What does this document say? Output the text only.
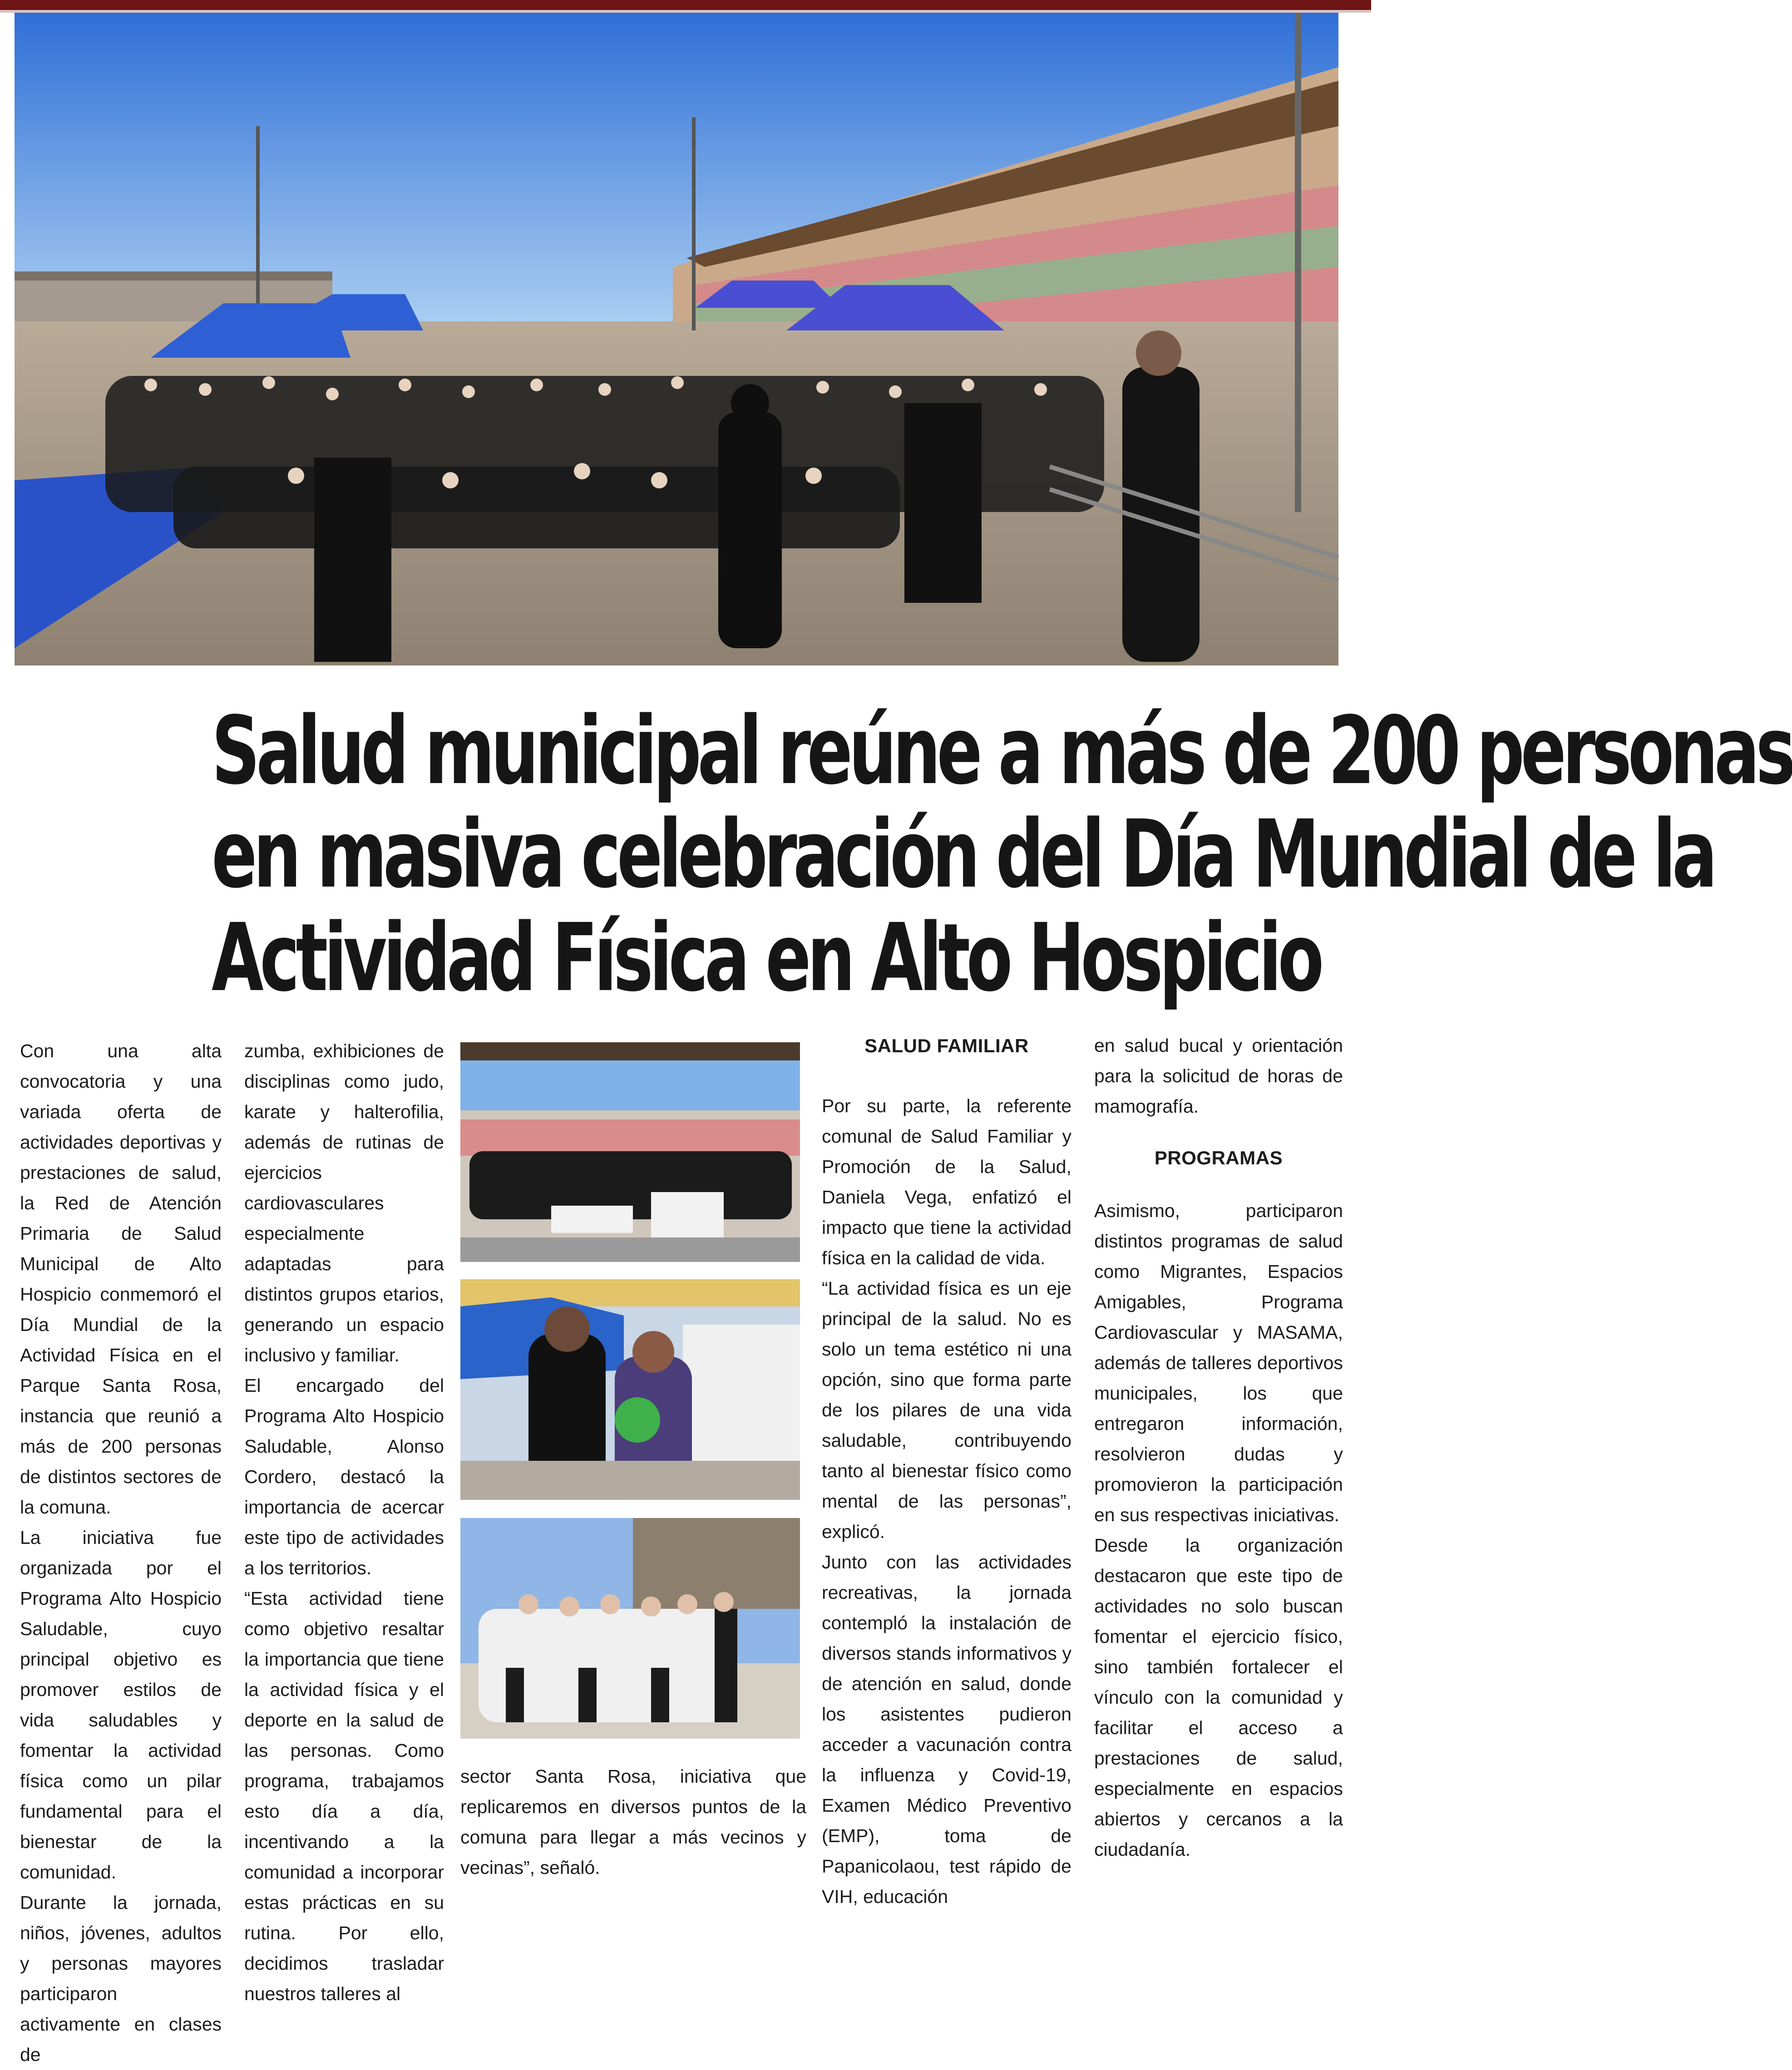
Salud municipal reúne a más de 200 personas
en masiva celebración del Día Mundial de la
Actividad Física en Alto Hospicio

Con una alta convocatoria y una variada oferta de actividades deportivas y prestaciones de salud, la Red de Atención Primaria de Salud Municipal de Alto Hospicio conmemoró el Día Mundial de la Actividad Física en el Parque Santa Rosa, instancia que reunió a más de 200 personas de distintos sectores de la comuna.

La iniciativa fue organizada por el Programa Alto Hospicio Saludable, cuyo principal objetivo es promover estilos de vida saludables y fomentar la actividad física como un pilar fundamental para el bienestar de la comunidad.

Durante la jornada, niños, jóvenes, adultos y personas mayores participaron activamente en clases de

zumba, exhibiciones de disciplinas como judo, karate y halterofilia, además de rutinas de ejercicios cardiovasculares especialmente adaptadas para distintos grupos etarios, generando un espacio inclusivo y familiar.

El encargado del Programa Alto Hospicio Saludable, Alonso Cordero, destacó la importancia de acercar este tipo de actividades a los territorios.

“Esta actividad tiene como objetivo resaltar la importancia que tiene la actividad física y el deporte en la salud de las personas. Como programa, trabajamos esto día a día, incentivando a la comunidad a incorporar estas prácticas en su rutina. Por ello, decidimos trasladar nuestros talleres al

sector Santa Rosa, iniciativa que replicaremos en diversos puntos de la comuna para llegar a más vecinos y vecinas”, señaló.

SALUD FAMILIAR

Por su parte, la referente comunal de Salud Familiar y Promoción de la Salud, Daniela Vega, enfatizó el impacto que tiene la actividad física en la calidad de vida.

“La actividad física es un eje principal de la salud. No es solo un tema estético ni una opción, sino que forma parte de los pilares de una vida saludable, contribuyendo tanto al bienestar físico como mental de las personas”, explicó.

Junto con las actividades recreativas, la jornada contempló la instalación de diversos stands informativos y de atención en salud, donde los asistentes pudieron acceder a vacunación contra la influenza y Covid-19, Examen Médico Preventivo (EMP), toma de Papanicolaou, test rápido de VIH, educación

en salud bucal y orientación para la solicitud de horas de mamografía.

PROGRAMAS

Asimismo, participaron distintos programas de salud como Migrantes, Espacios Amigables, Programa Cardiovascular y MASAMA, además de talleres deportivos municipales, los que entregaron información, resolvieron dudas y promovieron la participación en sus respectivas iniciativas.

Desde la organización destacaron que este tipo de actividades no solo buscan fomentar el ejercicio físico, sino también fortalecer el vínculo con la comunidad y facilitar el acceso a prestaciones de salud, especialmente en espacios abiertos y cercanos a la ciudadanía.
